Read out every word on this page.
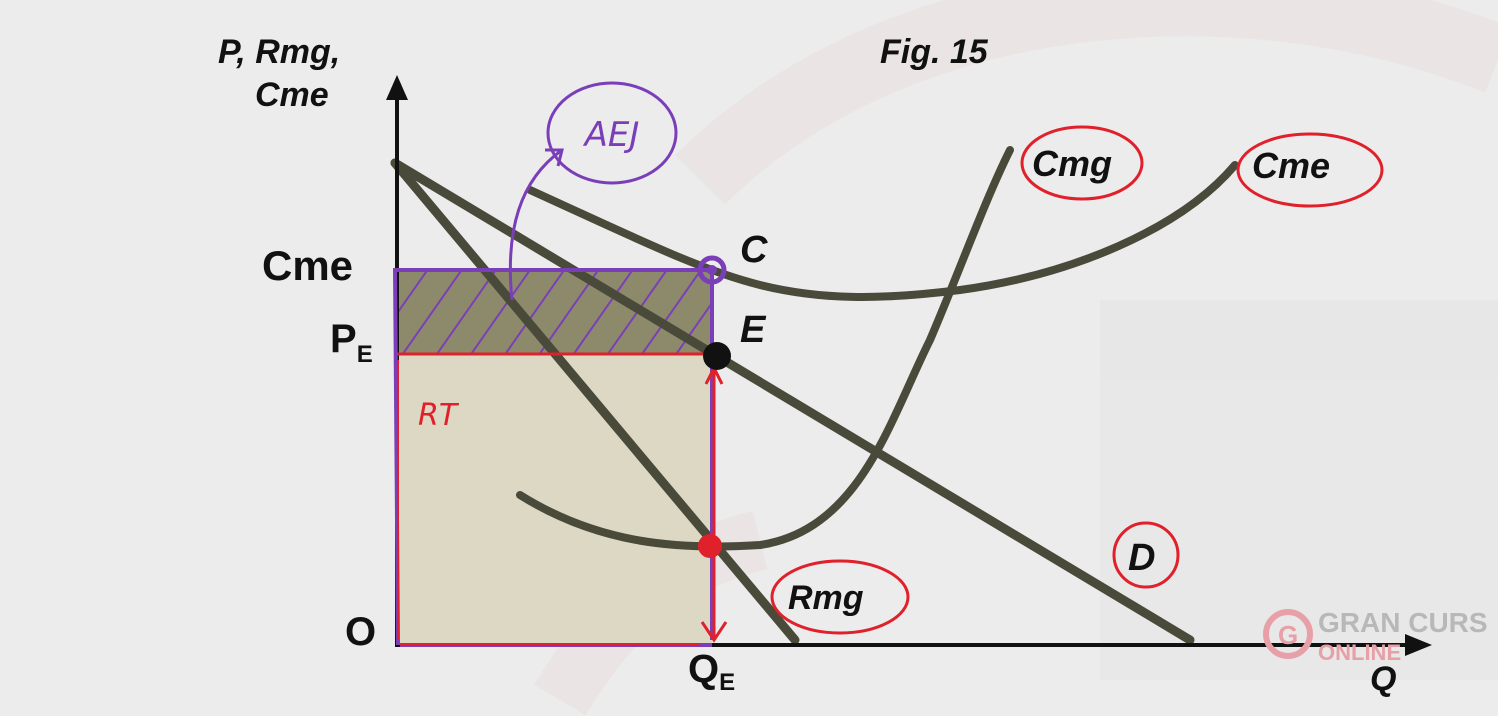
AEJ
RT
Fig. 15
P, Rmg,
Cme
Q
O
Cme
$P_E$
$Q_E$
C
E
Cmg	Cme
Rmg
D
G GRAN CURS
ONLINE
